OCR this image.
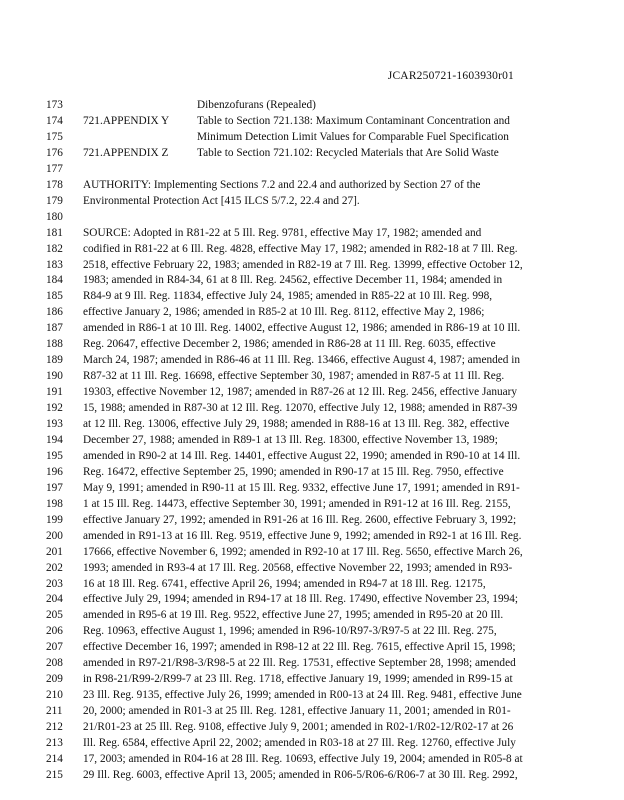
JCAR250721-1603930r01
173	Dibenzofurans (Repealed)
174	721.APPENDIX Y Table to Section 721.138: Maximum Contaminant Concentration and
175	Minimum Detection Limit Values for Comparable Fuel Specification
176	721.APPENDIX Z	Table to Section 721.102: Recycled Materials that Are Solid Waste
177
178	AUTHORITY: Implementing Sections 7.2 and 22.4 and authorized by Section 27 of the
179	Environmental Protection Act [415 ILCS 5/7.2, 22.4 and 27].
180
181	SOURCE: Adopted in R81-22 at 5 Ill. Reg. 9781, effective May 17, 1982; amended and
182	codified in R81-22 at 6 Ill. Reg. 4828, effective May 17, 1982; amended in R82-18 at 7 Ill. Reg.
183	2518, effective February 22, 1983; amended in R82-19 at 7 Ill. Reg. 13999, effective October 12,
184	1983; amended in R84-34, 61 at 8 Ill. Reg. 24562, effective December 11, 1984; amended in
185	R84-9 at 9 Ill. Reg. 11834, effective July 24, 1985; amended in R85-22 at 10 Ill. Reg. 998,
186	effective January 2, 1986; amended in R85-2 at 10 Ill. Reg. 8112, effective May 2, 1986;
187	amended in R86-1 at 10 Ill. Reg. 14002, effective August 12, 1986; amended in R86-19 at 10 Ill.
188	Reg. 20647, effective December 2, 1986; amended in R86-28 at 11 Ill. Reg. 6035, effective
189	March 24, 1987; amended in R86-46 at 11 Ill. Reg. 13466, effective August 4, 1987; amended in
190	R87-32 at 11 Ill. Reg. 16698, effective September 30, 1987; amended in R87-5 at 11 Ill. Reg.
191	19303, effective November 12, 1987; amended in R87-26 at 12 Ill. Reg. 2456, effective January
192	15, 1988; amended in R87-30 at 12 Ill. Reg. 12070, effective July 12, 1988; amended in R87-39
193	at 12 Ill. Reg. 13006, effective July 29, 1988; amended in R88-16 at 13 Ill. Reg. 382, effective
194	December 27, 1988; amended in R89-1 at 13 Ill. Reg. 18300, effective November 13, 1989;
195	amended in R90-2 at 14 Ill. Reg. 14401, effective August 22, 1990; amended in R90-10 at 14 Ill.
196	Reg. 16472, effective September 25, 1990; amended in R90-17 at 15 Ill. Reg. 7950, effective
197	May 9, 1991; amended in R90-11 at 15 Ill. Reg. 9332, effective June 17, 1991; amended in R91-
198	1 at 15 Ill. Reg. 14473, effective September 30, 1991; amended in R91-12 at 16 Ill. Reg. 2155,
199	effective January 27, 1992; amended in R91-26 at 16 Ill. Reg. 2600, effective February 3, 1992;
200	amended in R91-13 at 16 Ill. Reg. 9519, effective June 9, 1992; amended in R92-1 at 16 Ill. Reg.
201	17666, effective November 6, 1992; amended in R92-10 at 17 Ill. Reg. 5650, effective March 26,
202	1993; amended in R93-4 at 17 Ill. Reg. 20568, effective November 22, 1993; amended in R93-
203	16 at 18 Ill. Reg. 6741, effective April 26, 1994; amended in R94-7 at 18 Ill. Reg. 12175,
204	effective July 29, 1994; amended in R94-17 at 18 Ill. Reg. 17490, effective November 23, 1994;
205	amended in R95-6 at 19 Ill. Reg. 9522, effective June 27, 1995; amended in R95-20 at 20 Ill.
206	Reg. 10963, effective August 1, 1996; amended in R96-10/R97-3/R97-5 at 22 Ill. Reg. 275,
207	effective December 16, 1997; amended in R98-12 at 22 Ill. Reg. 7615, effective April 15, 1998;
208	amended in R97-21/R98-3/R98-5 at 22 Ill. Reg. 17531, effective September 28, 1998; amended
209	in R98-21/R99-2/R99-7 at 23 Ill. Reg. 1718, effective January 19, 1999; amended in R99-15 at
210	23 Ill. Reg. 9135, effective July 26, 1999; amended in R00-13 at 24 Ill. Reg. 9481, effective June
211	20, 2000; amended in R01-3 at 25 Ill. Reg. 1281, effective January 11, 2001; amended in R01-
212	21/R01-23 at 25 Ill. Reg. 9108, effective July 9, 2001; amended in R02-1/R02-12/R02-17 at 26
213	Ill. Reg. 6584, effective April 22, 2002; amended in R03-18 at 27 Ill. Reg. 12760, effective July
214	17, 2003; amended in R04-16 at 28 Ill. Reg. 10693, effective July 19, 2004; amended in R05-8 at
215	29 Ill. Reg. 6003, effective April 13, 2005; amended in R06-5/R06-6/R06-7 at 30 Ill. Reg. 2992,
